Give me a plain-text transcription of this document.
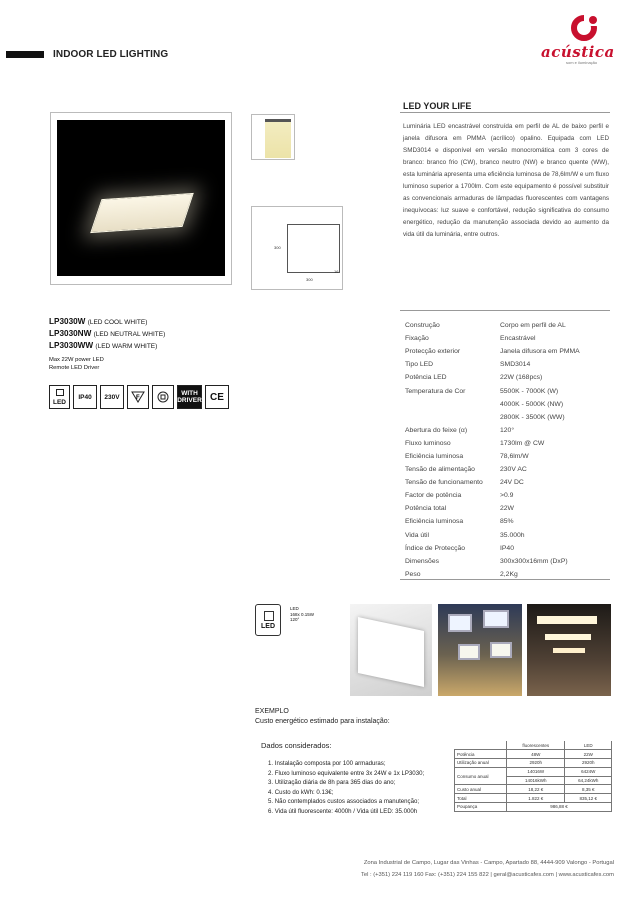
INDOOR LED LIGHTING	acústica
som e iluminação
300
300
16
LED YOUR LIFE
Luminária LED encastrável construída em perfil de AL de baixo perfil e janela difusora em PMMA (acrílico) opalino. Equipada com LED SMD3014 e disponível em versão monocromática com 3 cores de branco: branco frio (CW), branco neutro (NW) e branco quente (WW), esta luminária apresenta uma eficiência luminosa de 78,6lm/W e um fluxo luminoso superior a 1700lm. Com este equipamento é possível substituir as convencionais armaduras de lâmpadas fluorescentes com vantagens inequívocas: luz suave e confortável, redução significativa do consumo energético, redução da manutenção associada devido ao aumento da vida útil da luminária, entre outros.
LP3030W (LED COOL WHITE)
LP3030NW (LED NEUTRAL WHITE)
LP3030WW (LED WARM WHITE)
Max 22W power LED
Remote LED Driver
LED
IP40	230V	F
WITH
DRIVER CE
Construção	Corpo em perfil de AL
Fixação	Encastrável
Protecção exterior	Janela difusora em PMMA
Tipo LED	SMD3014
Potência LED	22W (168pcs)
Temperatura de Cor	5500K - 7000K (W)
4000K - 5000K (NW)
2800K - 3500K (WW)
Abertura do feixe (α)	120°
Fluxo luminoso	1730lm @ CW
Eficiência luminosa	78,6lm/W
Tensão de alimentação	230V AC
Tensão de funcionamento	24V DC
Factor de potência	>0.9
Potência total	22W
Eficiência luminosa	85%
Vida útil	35.000h
Índice de Protecção	IP40
Dimensões	300x300x16mm (DxP)
Peso	2,2Kg
LED
LED
168x 0.15W
120°
EXEMPLO
Custo energético estimado para instalação:
Dados considerados:
1. Instalação composta por 100 armaduras;
2. Fluxo luminoso equivalente entre 3x 24W e 1x LP3030;
3. Utilização diária de 8h para 365 dias do ano;
4. Custo do kWh: 0.13€;
5. Não contemplados custos associados a manutenção;
6. Vida útil fluorescente: 4000h / Vida útil LED: 35.000h
	fluorescentes	LED
Potência	48W	22W
Utilização anual	2920h	2920h
Consumo anual	14016W	6424W
	14016kWh	64,24kWh
Custo anual	18,22 €	8,35 €
Total	1.822 €	835,12 €
Poupança	986,88 €	
Zona Industrial de Campo, Lugar das Vinhas - Campo, Apartado 88, 4444-909 Valongo - Portugal
Tel : (+351) 224 119 160 Fax: (+351) 224 155 822 | geral@acusticafes.com | www.acusticafes.com
